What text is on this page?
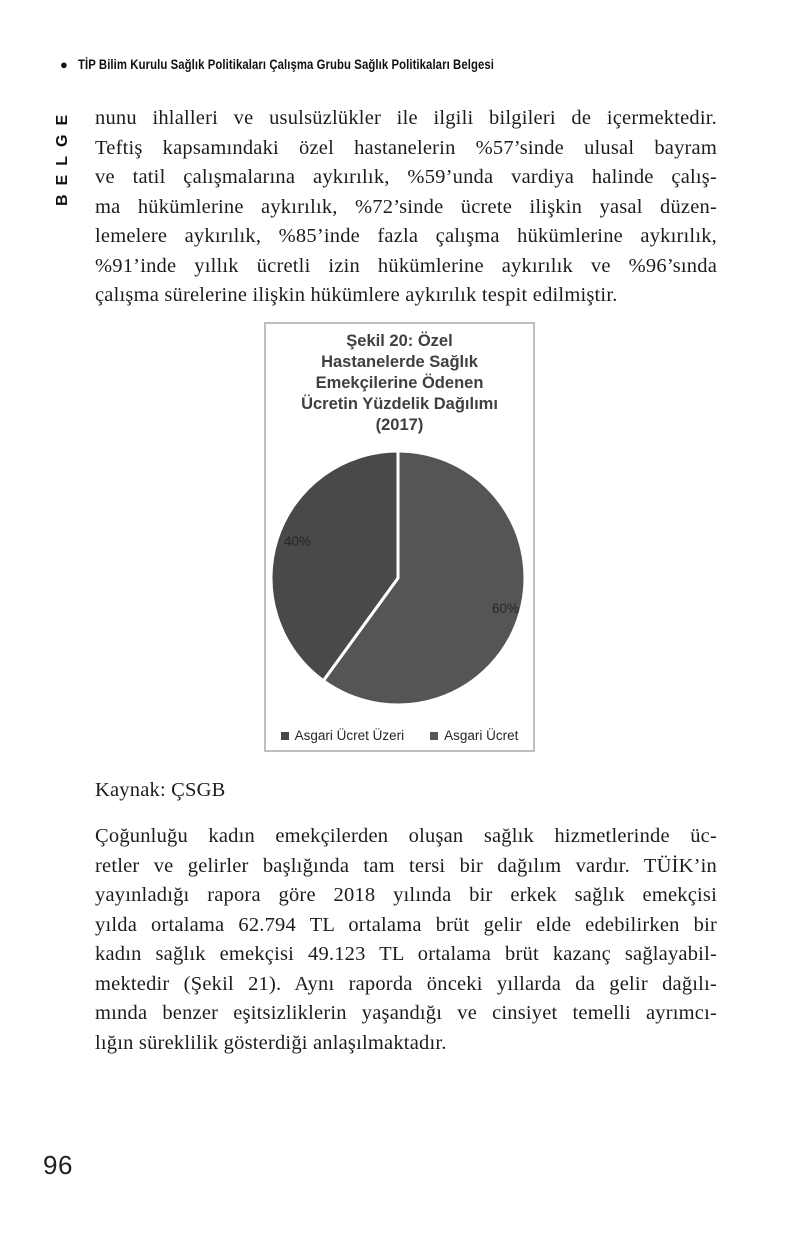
● TİP Bilim Kurulu Sağlık Politikaları Çalışma Grubu Sağlık Politikaları Belgesi
BELGE nunu ihlalleri ve usulsüzlükler ile ilgili bilgileri de içermektedir.
Teftiş kapsamındaki özel hastanelerin %57’sinde ulusal bayram
ve tatil çalışmalarına aykırılık, %59’unda vardiya halinde çalış-
ma hükümlerine aykırılık, %72’sinde ücrete ilişkin yasal düzen-
lemelere aykırılık, %85’inde fazla çalışma hükümlerine aykırılık,
%91’inde yıllık ücretli izin hükümlerine aykırılık ve %96’sında
çalışma sürelerine ilişkin hükümlere aykırılık tespit edilmiştir.
Şekil 20: Özel
Hastanelerde Sağlık
Emekçilerine Ödenen
Ücretin Yüzdelik Dağılımı
(2017)
40%
60%
Asgari Ücret Üzeri	Asgari Ücret
Kaynak: ÇSGB
Çoğunluğu kadın emekçilerden oluşan sağlık hizmetlerinde üc-
retler ve gelirler başlığında tam tersi bir dağılım vardır. TÜİK’in
yayınladığı rapora göre 2018 yılında bir erkek sağlık emekçisi
yılda ortalama 62.794 TL ortalama brüt gelir elde edebilirken bir
kadın sağlık emekçisi 49.123 TL ortalama brüt kazanç sağlayabil-
mektedir (Şekil 21). Aynı raporda önceki yıllarda da gelir dağılı-
mında benzer eşitsizliklerin yaşandığı ve cinsiyet temelli ayrımcı-
lığın süreklilik gösterdiği anlaşılmaktadır.
96
